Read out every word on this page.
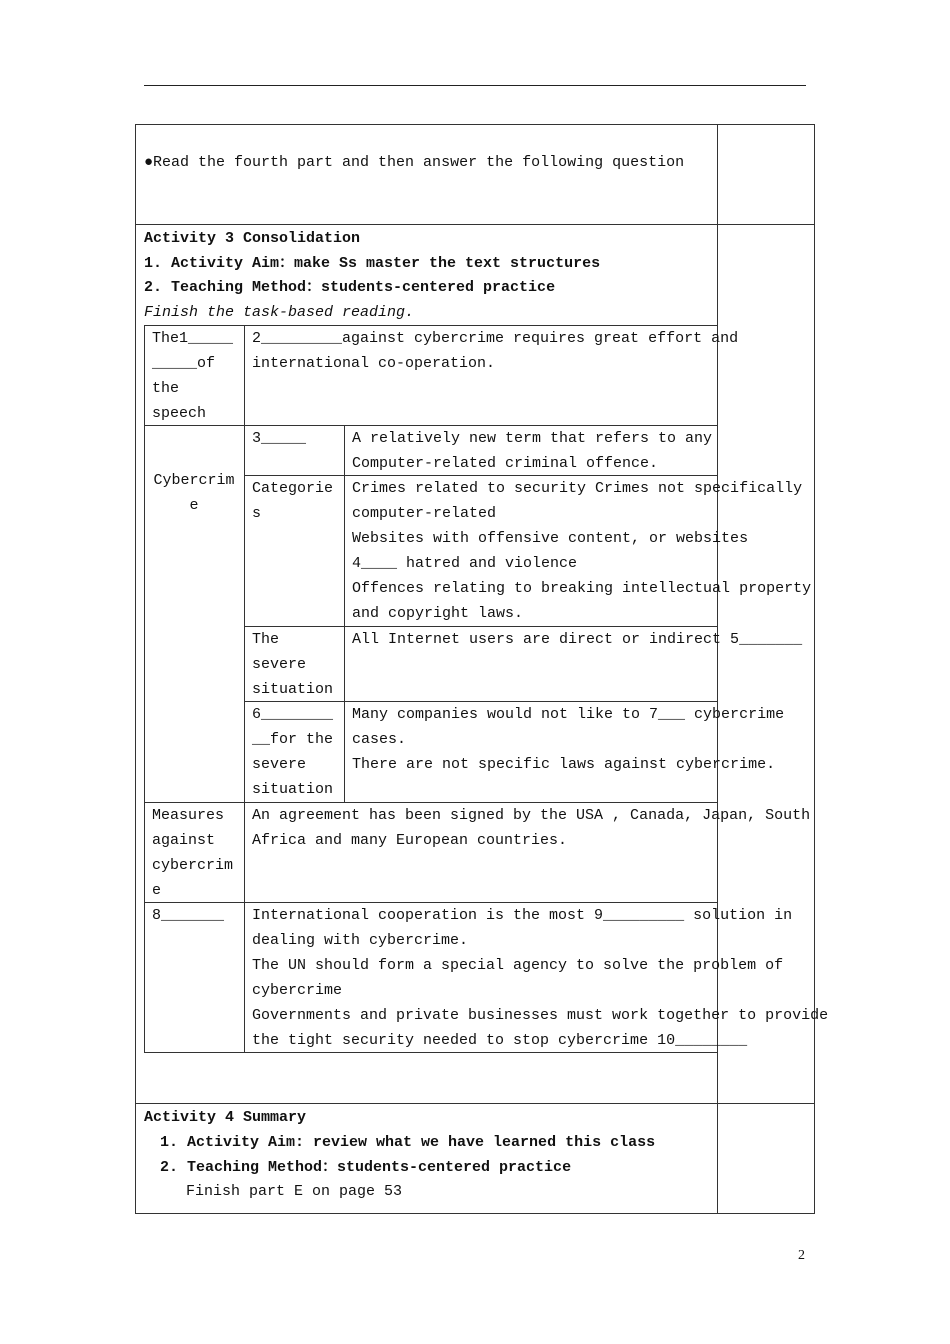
●Read the fourth part and then answer the following question
Activity 3 Consolidation
1. Activity Aim：make Ss master the text structures
2. Teaching Method：students-centered practice
Finish the task-based reading.
The1_____
_____of
the
speech
2_________against cybercrime requires great effort and
international co-operation.
Cybercrim
e
3_____	A relatively new term that refers to any
Computer-related criminal offence.
Categorie
s
Crimes related to security Crimes not specifically
computer-related
Websites with offensive content, or websites
4____ hatred and violence
Offences relating to breaking intellectual property
and copyright laws.
The
severe
situation
All Internet users are direct or indirect 5_______
6________
__for the
severe
situation
Many companies would not like to 7___ cybercrime
cases.
There are not specific laws against cybercrime.
Measures
against
cybercrim
e
An agreement has been signed by the USA , Canada, Japan, South
Africa and many European countries.
8_______ International cooperation is the most 9_________ solution in
dealing with cybercrime.
The UN should form a special agency to solve the problem of
cybercrime
Governments and private businesses must work together to provide
the tight security needed to stop cybercrime 10________
Activity 4 Summary
1. Activity Aim: review what we have learned this class
2. Teaching Method：students-centered practice
Finish part E on page 53
2
